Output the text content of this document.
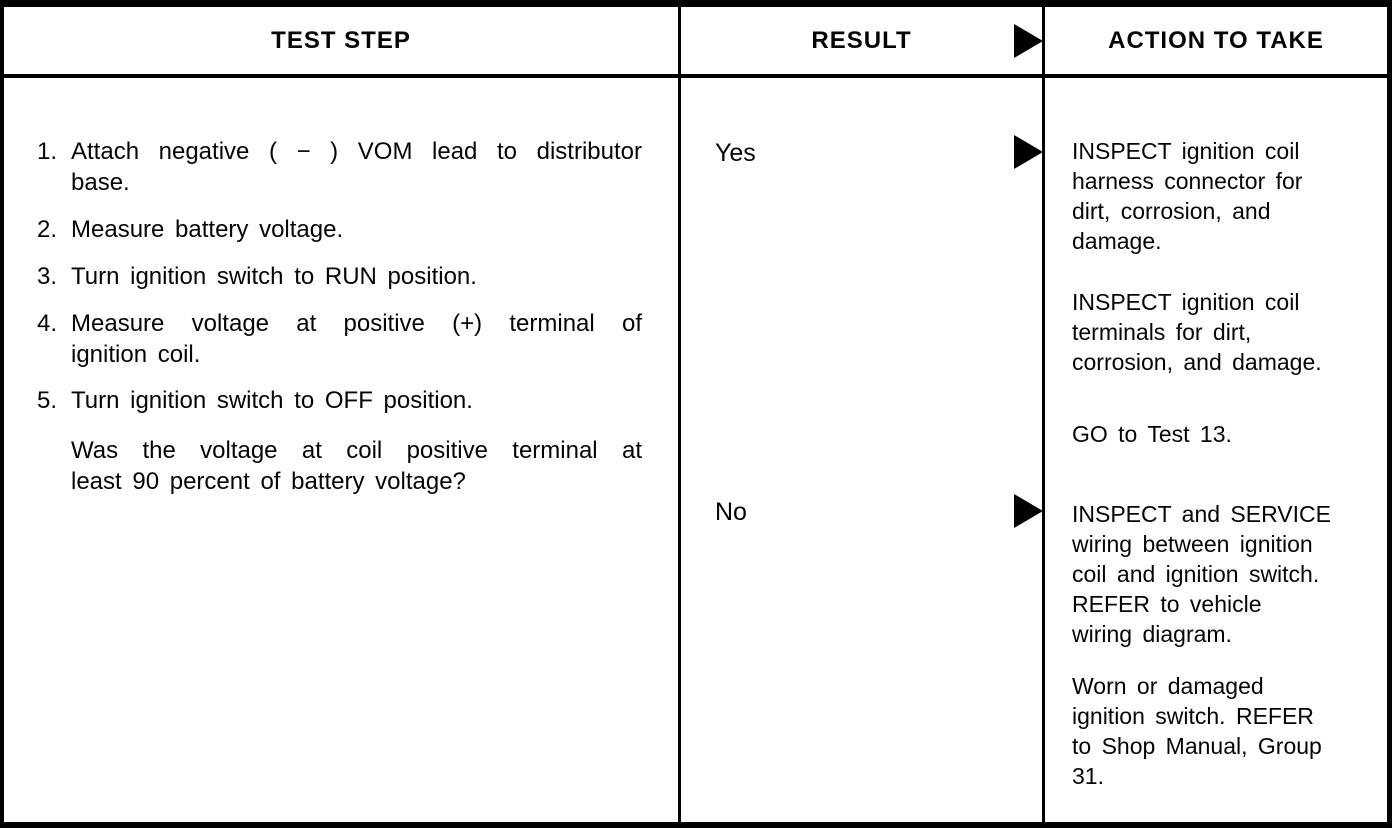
TEST STEP	RESULT	ACTION TO TAKE
1. Attach negative ( − ) VOM lead to distributor
base.
2. Measure battery voltage.
3. Turn ignition switch to RUN position.
4. Measure voltage at positive (+) terminal of
ignition coil.
5. Turn ignition switch to OFF position.
Was the voltage at coil positive terminal at
least 90 percent of battery voltage?
Yes
No
INSPECT ignition coil
harness connector for
dirt, corrosion, and
damage.
INSPECT ignition coil
terminals for dirt,
corrosion, and damage.
GO to Test 13.
INSPECT and SERVICE
wiring between ignition
coil and ignition switch.
REFER to vehicle
wiring diagram.
Worn or damaged
ignition switch. REFER
to Shop Manual, Group
31.
